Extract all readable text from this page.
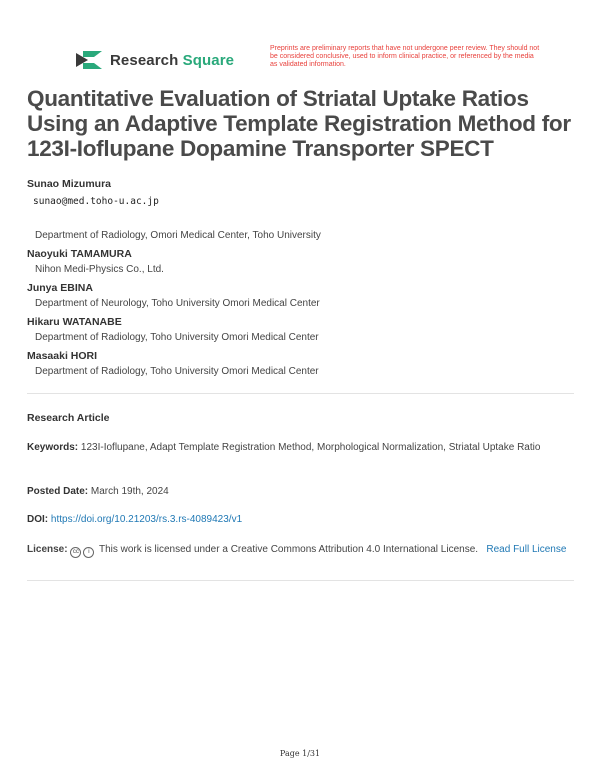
Research Square
Preprints are preliminary reports that have not undergone peer review. They should not be considered conclusive, used to inform clinical practice, or referenced by the media as validated information.
Quantitative Evaluation of Striatal Uptake Ratios Using an Adaptive Template Registration Method for 123I-Ioflupane Dopamine Transporter SPECT
Sunao Mizumura
sunao@med.toho-u.ac.jp
Department of Radiology, Omori Medical Center, Toho University
Naoyuki TAMAMURA
Nihon Medi-Physics Co., Ltd.
Junya EBINA
Department of Neurology, Toho University Omori Medical Center
Hikaru WATANABE
Department of Radiology, Toho University Omori Medical Center
Masaaki HORI
Department of Radiology, Toho University Omori Medical Center
Research Article
Keywords: 123I-Ioflupane, Adapt Template Registration Method, Morphological Normalization, Striatal Uptake Ratio
Posted Date: March 19th, 2024
DOI: https://doi.org/10.21203/rs.3.rs-4089423/v1
License: cc i This work is licensed under a Creative Commons Attribution 4.0 International License. Read Full License
Page 1/31
